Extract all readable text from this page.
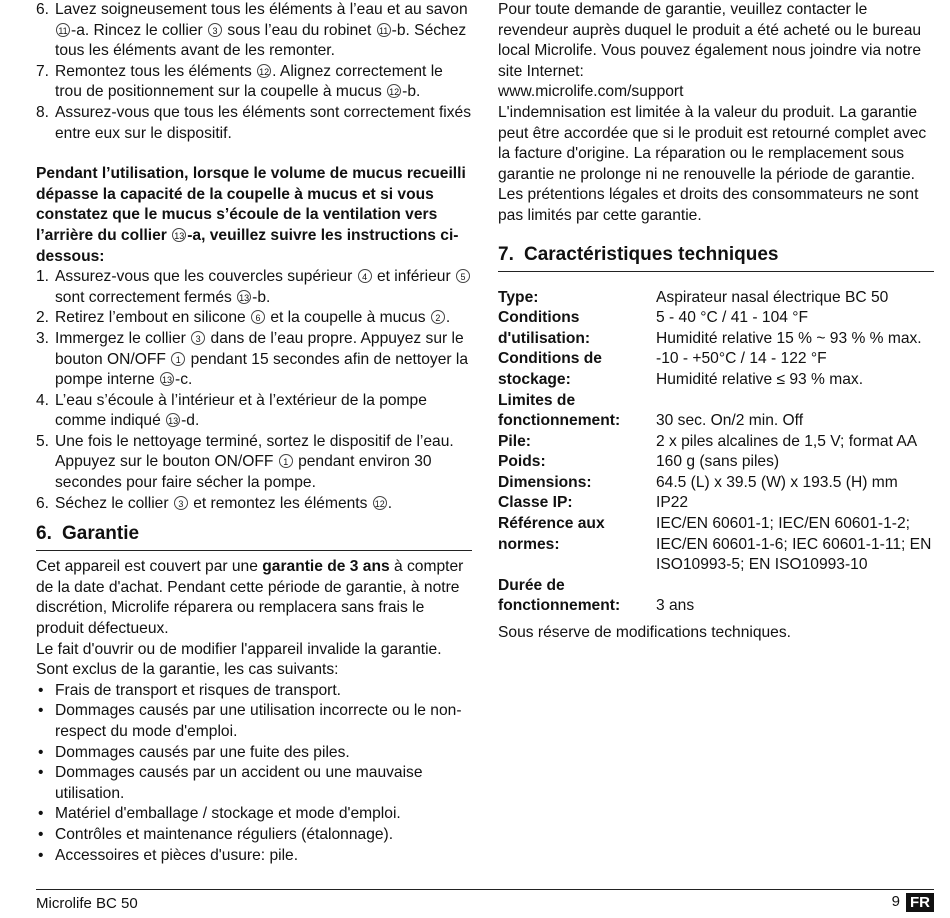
6. Lavez soigneusement tous les éléments à l’eau et au savon11 -a. Rincez le collier 3 sous l’eau du robinet 11 -b. Séchez tous les éléments avant de les remonter.
7. Remontez tous les éléments 12 . Alignez correctement le trou de positionnement sur la coupelle à mucus 12 -b.
8. Assurez-vous que tous les éléments sont correctement fixés entre eux sur le dispositif.

Pendant l’utilisation, lorsque le volume de mucus recueilli dépasse la capacité de la coupelle à mucus et si vous constatez que le mucus s’écoule de la ventilation vers l’arrière du collier 13 -a, veuillez suivre les instructions ci-dessous:

1. Assurez-vous que les couvercles supérieur 4 et inférieur 5 sont correctement fermés 13 -b.
2. Retirez l’embout en silicone 6 et la coupelle à mucus 2 .
3. Immergez le collier 3 dans de l’eau propre. Appuyez sur le bouton ON/OFF 1 pendant 15 secondes afin de nettoyer la pompe interne 13 -c.
4. L’eau s’écoule à l’intérieur et à l’extérieur de la pompe comme indiqué 13 -d.
5. Une fois le nettoyage terminé, sortez le dispositif de l’eau. Appuyez sur le bouton ON/OFF 1 pendant environ 30 secondes pour faire sécher la pompe.
6. Séchez le collier 3 et remontez les éléments 12 .
6. Garantie

Cet appareil est couvert par une garantie de 3 ans à compter de la date d'achat. Pendant cette période de garantie, à notre discrétion, Microlife réparera ou remplacera sans frais le produit défectueux.

Le fait d'ouvrir ou de modifier l'appareil invalide la garantie.

Sont exclus de la garantie, les cas suivants:

• Frais de transport et risques de transport.
• Dommages causés par une utilisation incorrecte ou le non-respect du mode d'emploi.
• Dommages causés par une fuite des piles.
• Dommages causés par un accident ou une mauvaise utilisation.
• Matériel d'emballage / stockage et mode d'emploi.
• Contrôles et maintenance réguliers (étalonnage).
• Accessoires et pièces d'usure: pile.

Pour toute demande de garantie, veuillez contacter le revendeur auprès duquel le produit a été acheté ou le bureau local Microlife. Vous pouvez également nous joindre via notre site Internet:

www.microlife.com/support

L'indemnisation est limitée à la valeur du produit. La garantie peut être accordée que si le produit est retourné complet avec la facture d'origine. La réparation ou le remplacement sous garantie ne prolonge ni ne renouvelle la période de garantie. Les prétentions légales et droits des consommateurs ne sont pas limités par cette garantie.

7. Caractéristiques techniques
Type:	Aspirateur nasal électrique BC 50
Conditions d'utilisation:	5 - 40 °C / 41 - 104 °F
Humidité relative 15 % ~ 93 % % max.
Conditions de stockage:	-10 - +50°C / 14 - 122 °F
Humidité relative ≤ 93 % max.
Limites de fonctionnement:	30 sec. On/2 min. Off
Pile:	2 x piles alcalines de 1,5 V; format AA
Poids:	160 g (sans piles)
Dimensions:	64.5 (L) x 39.5 (W) x 193.5 (H) mm
Classe IP:	IP22
Référence aux normes:	IEC/EN 60601-1; IEC/EN 60601-1-2; IEC/EN 60601-1-6; IEC 60601-1-11; EN ISO10993-5; EN ISO10993-10
Durée de fonctionnement:	3 ans

Sous réserve de modifications techniques.

Microlife BC 50	9 FR
